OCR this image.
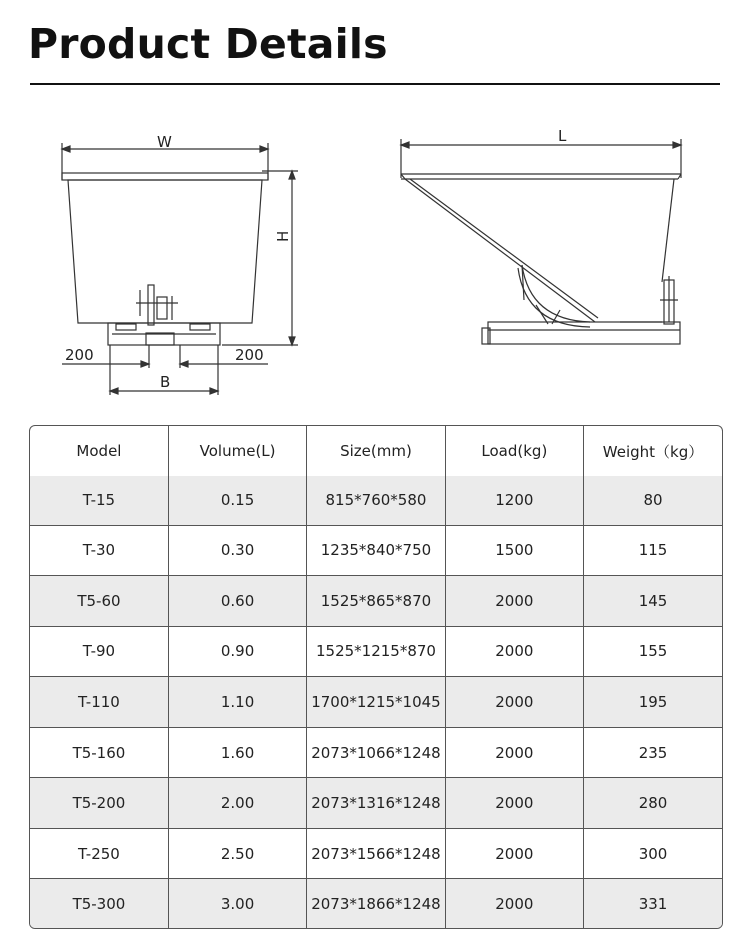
Product Details
W
H
B
200	200
L
Model	Volume(L)	Size(mm)	Load(kg)	Weight（kg）
T-15	0.15	815*760*580	1200	80
T-30	0.30	1235*840*750	1500	115
T5-60	0.60	1525*865*870	2000	145
T-90	0.90	1525*1215*870	2000	155
T-110	1.10	1700*1215*1045	2000	195
T5-160	1.60	2073*1066*1248	2000	235
T5-200	2.00	2073*1316*1248	2000	280
T-250	2.50	2073*1566*1248	2000	300
T5-300	3.00	2073*1866*1248	2000	331
